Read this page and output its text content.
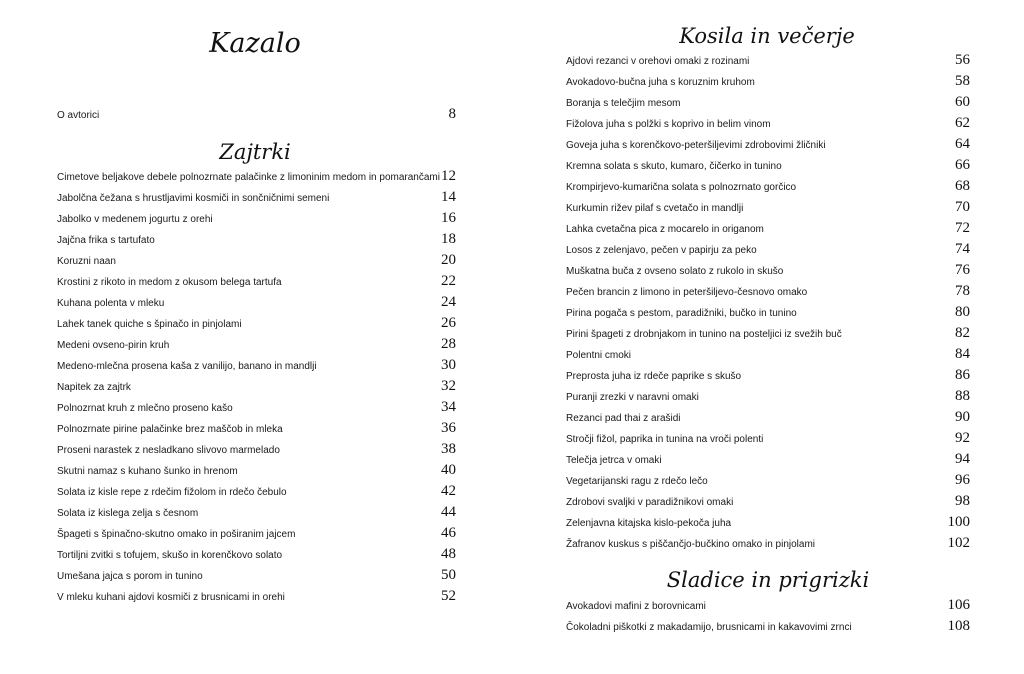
Kazalo
O avtorici	8
Zajtrki
Cimetove beljakove debele polnozrnate palačinke z limoninim medom in pomarančami 12
Jabolčna čežana s hrustljavimi kosmiči in sončničnimi semeni	14
Jabolko v medenem jogurtu z orehi	16
Jajčna frika s tartufato	18
Koruzni naan	20
Krostini z rikoto in medom z okusom belega tartufa	22
Kuhana polenta v mleku	24
Lahek tanek quiche s špinačo in pinjolami	26
Medeni ovseno-pirin kruh	28
Medeno-mlečna prosena kaša z vanilijo, banano in mandlji	30
Napitek za zajtrk	32
Polnozrnat kruh z mlečno proseno kašo	34
Polnozrnate pirine palačinke brez maščob in mleka	36
Proseni narastek z nesladkano slivovo marmelado	38
Skutni namaz s kuhano šunko in hrenom	40
Solata iz kisle repe z rdečim fižolom in rdečo čebulo	42
Solata iz kislega zelja s česnom	44
Špageti s špinačno-skutno omako in poširanim jajcem	46
Tortiljni zvitki s tofujem, skušo in korenčkovo solato	48
Umešana jajca s porom in tunino	50
V mleku kuhani ajdovi kosmiči z brusnicami in orehi	52
Kosila in večerje
Ajdovi rezanci v orehovi omaki z rozinami	56
Avokadovo-bučna juha s koruznim kruhom	58
Boranja s telečjim mesom	60
Fižolova juha s polžki s koprivo in belim vinom	62
Goveja juha s korenčkovo-peteršiljevimi zdrobovimi žličniki	64
Kremna solata s skuto, kumaro, čičerko in tunino	66
Krompirjevo-kumarična solata s polnozrnato gorčico	68
Kurkumin rižev pilaf s cvetačo in mandlji	70
Lahka cvetačna pica z mocarelo in origanom	72
Losos z zelenjavo, pečen v papirju za peko	74
Muškatna buča z ovseno solato z rukolo in skušo	76
Pečen brancin z limono in peteršiljevo-česnovo omako	78
Pirina pogača s pestom, paradižniki, bučko in tunino	80
Pirini špageti z drobnjakom in tunino na posteljici iz svežih buč	82
Polentni cmoki	84
Preprosta juha iz rdeče paprike s skušo	86
Puranji zrezki v naravni omaki	88
Rezanci pad thai z arašidi	90
Stročji fižol, paprika in tunina na vroči polenti	92
Telečja jetrca v omaki	94
Vegetarijanski ragu z rdečo lečo	96
Zdrobovi svaljki v paradižnikovi omaki	98
Zelenjavna kitajska kislo-pekoča juha	100
Žafranov kuskus s piščančjo-bučkino omako in pinjolami	102
Sladice in prigrizki
Avokadovi mafini z borovnicami	106
Čokoladni piškotki z makadamijo, brusnicami in kakavovimi zrnci	108
